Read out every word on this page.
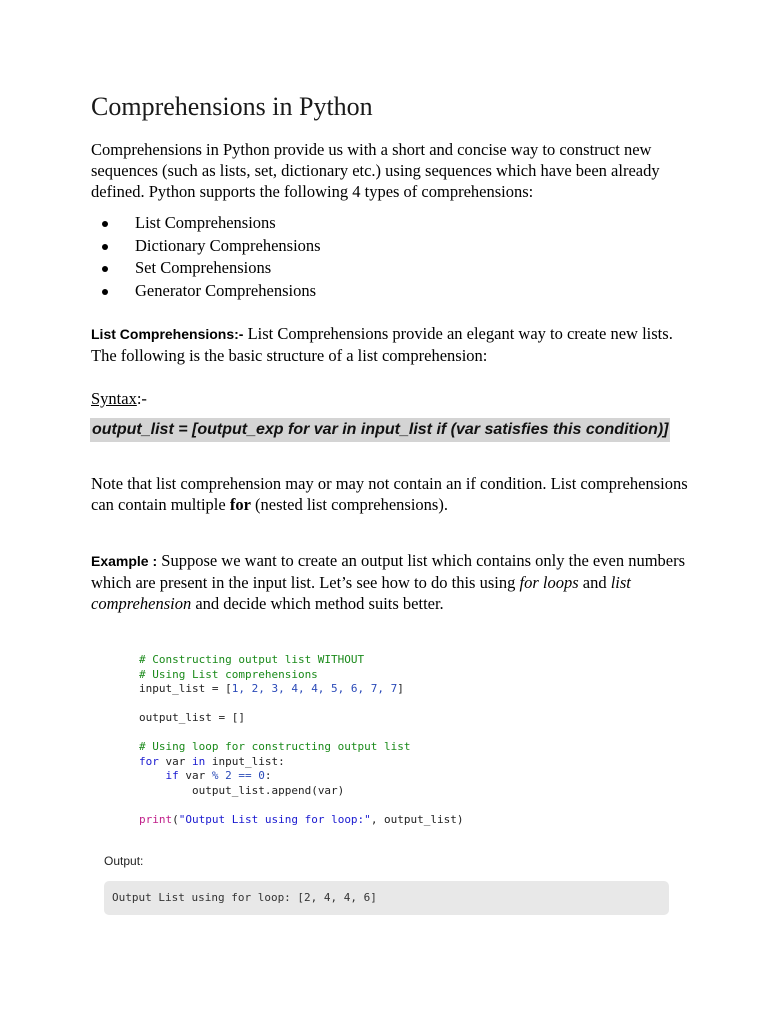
Comprehensions in Python

Comprehensions in Python provide us with a short and concise way to construct new sequences (such as lists, set, dictionary etc.) using sequences which have been already defined. Python supports the following 4 types of comprehensions:

List Comprehensions
Dictionary Comprehensions
Set Comprehensions
Generator Comprehensions

List Comprehensions:- List Comprehensions provide an elegant way to create new lists. The following is the basic structure of a list comprehension:

Syntax:-

output_list = [output_exp for var in input_list if (var satisfies this condition)]

Note that list comprehension may or may not contain an if condition. List comprehensions can contain multiple for (nested list comprehensions).

Example : Suppose we want to create an output list which contains only the even numbers which are present in the input list. Let’s see how to do this using for loops and list comprehension and decide which method suits better.

# Constructing output list WITHOUT
# Using List comprehensions
input_list = [1, 2, 3, 4, 4, 5, 6, 7, 7]

output_list = []

# Using loop for constructing output list
for var in input_list:
if var % 2 == 0:
output_list.append(var)

print("Output List using for loop:", output_list)

Output:

Output List using for loop: [2, 4, 4, 6]
